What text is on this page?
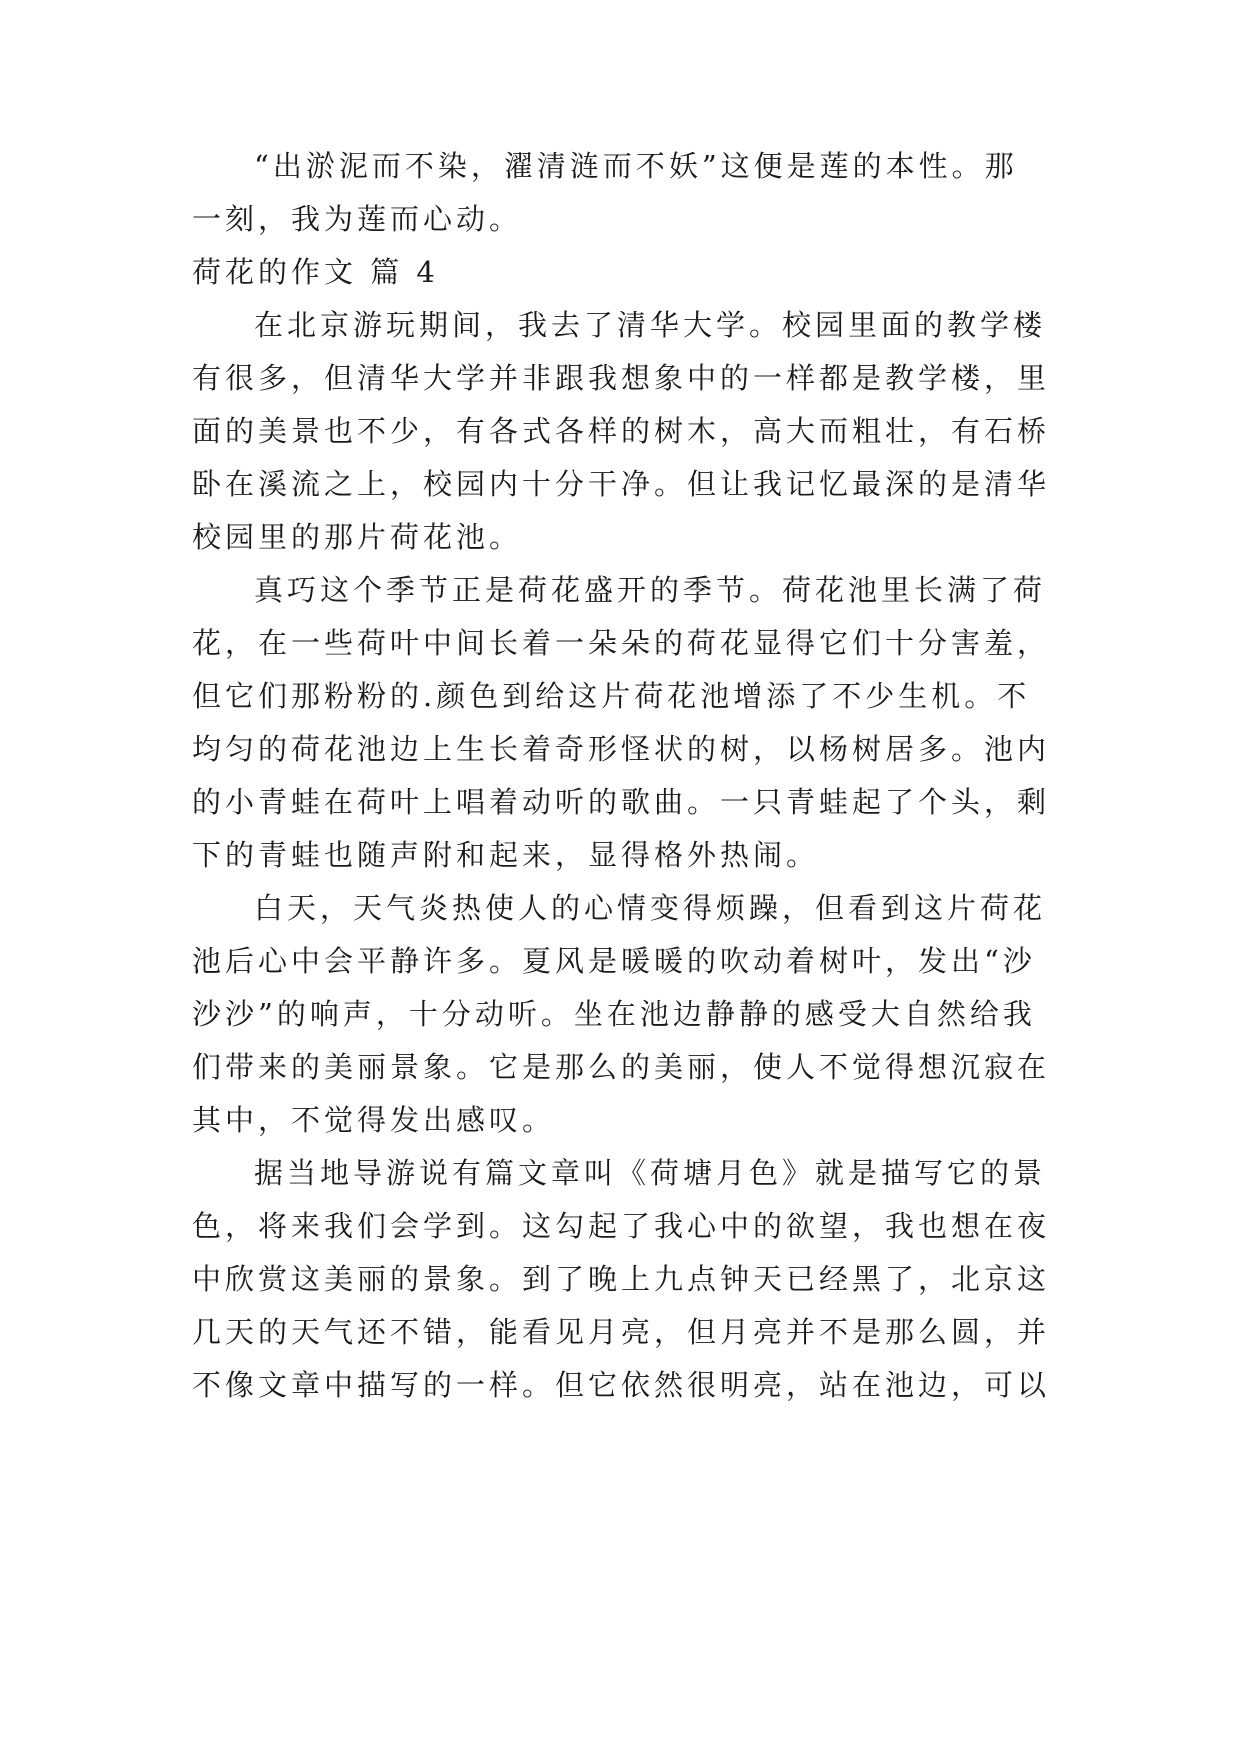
“出淤泥而不染，濯清涟而不妖”这便是莲的本性。那
一刻，我为莲而心动。
荷花的作文 篇 4
在北京游玩期间，我去了清华大学。校园里面的教学楼
有很多，但清华大学并非跟我想象中的一样都是教学楼，里
面的美景也不少，有各式各样的树木，高大而粗壮，有石桥
卧在溪流之上，校园内十分干净。但让我记忆最深的是清华
校园里的那片荷花池。
真巧这个季节正是荷花盛开的季节。荷花池里长满了荷
花，在一些荷叶中间长着一朵朵的荷花显得它们十分害羞，
但它们那粉粉的.颜色到给这片荷花池增添了不少生机。不
均匀的荷花池边上生长着奇形怪状的树，以杨树居多。池内
的小青蛙在荷叶上唱着动听的歌曲。一只青蛙起了个头，剩
下的青蛙也随声附和起来，显得格外热闹。
白天，天气炎热使人的心情变得烦躁，但看到这片荷花
池后心中会平静许多。夏风是暖暖的吹动着树叶，发出“沙
沙沙”的响声，十分动听。坐在池边静静的感受大自然给我
们带来的美丽景象。它是那么的美丽，使人不觉得想沉寂在
其中，不觉得发出感叹。
据当地导游说有篇文章叫《荷塘月色》就是描写它的景
色，将来我们会学到。这勾起了我心中的欲望，我也想在夜
中欣赏这美丽的景象。到了晚上九点钟天已经黑了，北京这
几天的天气还不错，能看见月亮，但月亮并不是那么圆，并
不像文章中描写的一样。但它依然很明亮，站在池边，可以
